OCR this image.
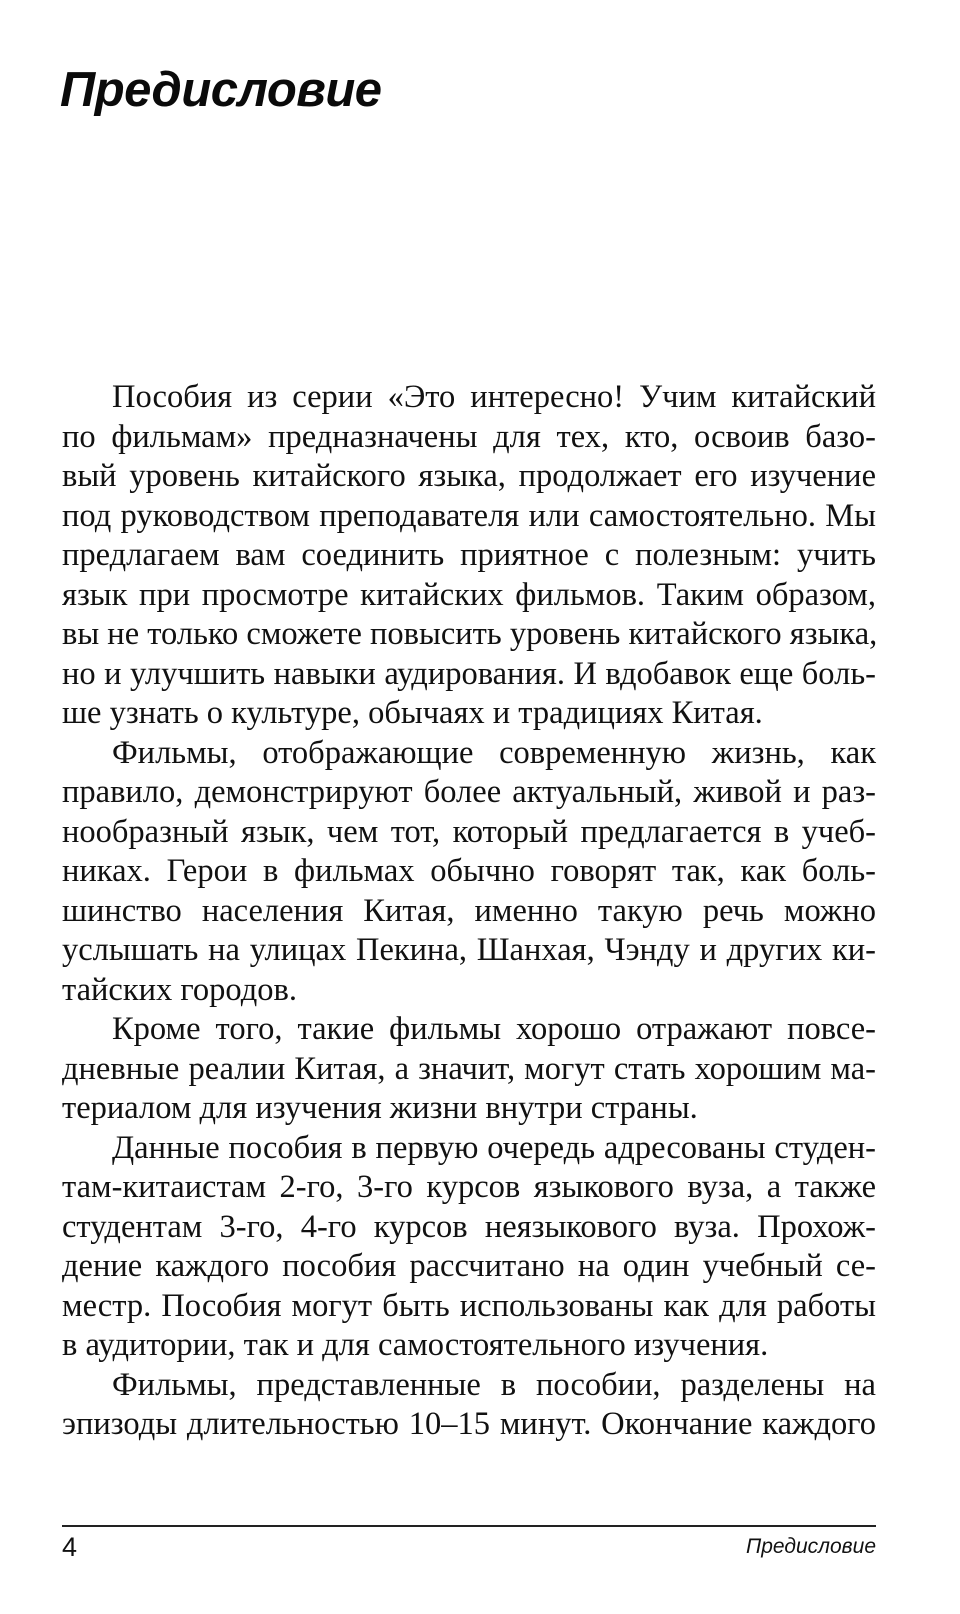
Предисловие
Пособия из серии «Это интересно! Учим китайский
по фильмам» предназначены для тех, кто, освоив базо-
вый уровень китайского языка, продолжает его изучение
под руководством преподавателя или самостоятельно. Мы
предлагаем вам соединить приятное с полезным: учить
язык при просмотре китайских фильмов. Таким образом,
вы не только сможете повысить уровень китайского языка,
но и улучшить навыки аудирования. И вдобавок еще боль-
ше узнать о культуре, обычаях и традициях Китая.
Фильмы, отображающие современную жизнь, как
правило, демонстрируют более актуальный, живой и раз-
нообразный язык, чем тот, который предлагается в учеб-
никах. Герои в фильмах обычно говорят так, как боль-
шинство населения Китая, именно такую речь можно
услышать на улицах Пекина, Шанхая, Чэнду и других ки-
тайских городов.
Кроме того, такие фильмы хорошо отражают повсе-
дневные реалии Китая, а значит, могут стать хорошим ма-
териалом для изучения жизни внутри страны.
Данные пособия в первую очередь адресованы студен-
там-китаистам 2-го, 3-го курсов языкового вуза, а также
студентам 3-го, 4-го курсов неязыкового вуза. Прохож-
дение каждого пособия рассчитано на один учебный се-
местр. Пособия могут быть использованы как для работы
в аудитории, так и для самостоятельного изучения.
Фильмы, представленные в пособии, разделены на
эпизоды длительностью 10–15 минут. Окончание каждого
4	Предисловие
